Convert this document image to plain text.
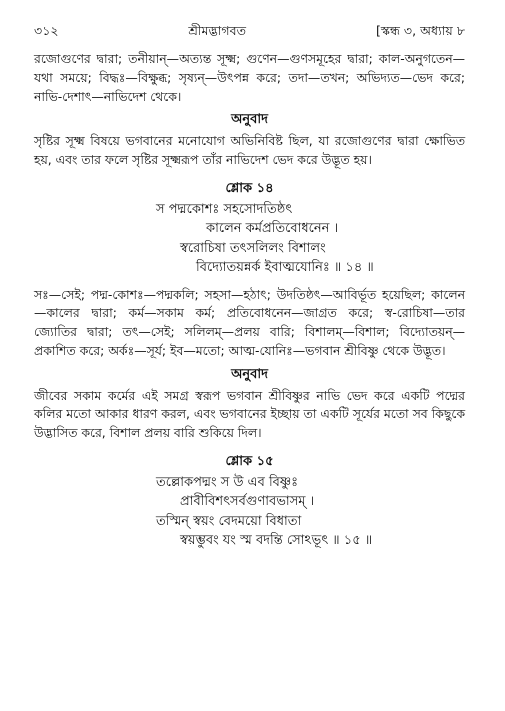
৩১২	শ্রীমদ্ভাগবত	[স্কন্ধ ৩, অধ্যায় ৮

রজোগুণের দ্বারা; তনীয়ান্—অত্যন্ত সূক্ষ্ম; গুণেন—গুণসমূহের দ্বারা; কাল-অনুগতেন—যথা সময়ে; বিদ্ধঃ—বিক্ষুব্ধ; সৃষ্যন্—উৎপন্ন করে; তদা—তখন; অভিদ্যত—ভেদ করে; নাভি-দেশাৎ—নাভিদেশ থেকে।

অনুবাদ

সৃষ্টির সূক্ষ্ম বিষয়ে ভগবানের মনোযোগ অভিনিবিষ্ট ছিল, যা রজোগুণের দ্বারা ক্ষোভিত হয়, এবং তার ফলে সৃষ্টির সূক্ষ্মরূপ তাঁর নাভিদেশ ভেদ করে উদ্ভূত হয়।

শ্লোক ১৪
স পদ্মকোশঃ সহসোদতিষ্ঠৎ
কালেন কর্মপ্রতিবোধনেন ।
স্বরোচিষা তৎসলিলং বিশালং
বিদ্যোতয়ন্নর্ক ইবাত্মযোনিঃ ॥ ১৪ ॥

সঃ—সেই; পদ্ম-কোশঃ—পদ্মকলি; সহসা—হঠাৎ; উদতিষ্ঠৎ—আবির্ভূত হয়েছিল; কালেন—কালের দ্বারা; কর্ম—সকাম কর্ম; প্রতিবোধনেন—জাগ্রত করে; স্ব-রোচিষা—তার জ্যোতির দ্বারা; তৎ—সেই; সলিলম্—প্রলয় বারি; বিশালম্—বিশাল; বিদ্যোতয়ন্—প্রকাশিত করে; অর্কঃ—সূর্য; ইব—মতো; আত্ম-যোনিঃ—ভগবান শ্রীবিষ্ণু থেকে উদ্ভূত।

অনুবাদ

জীবের সকাম কর্মের এই সমগ্র স্বরূপ ভগবান শ্রীবিষ্ণুর নাভি ভেদ করে একটি পদ্মের কলির মতো আকার ধারণ করল, এবং ভগবানের ইচ্ছায় তা একটি সূর্যের মতো সব কিছুকে উদ্ভাসিত করে, বিশাল প্রলয় বারি শুকিয়ে দিল।

শ্লোক ১৫
তল্লোকপদ্মং স উ এব বিষ্ণুঃ
প্রাবীবিশৎসর্বগুণাবভাসম্ ।
তস্মিন্ স্বয়ং বেদময়ো বিধাতা
স্বয়ম্ভুবং যং স্ম বদন্তি সোঽভূৎ ॥ ১৫ ॥
